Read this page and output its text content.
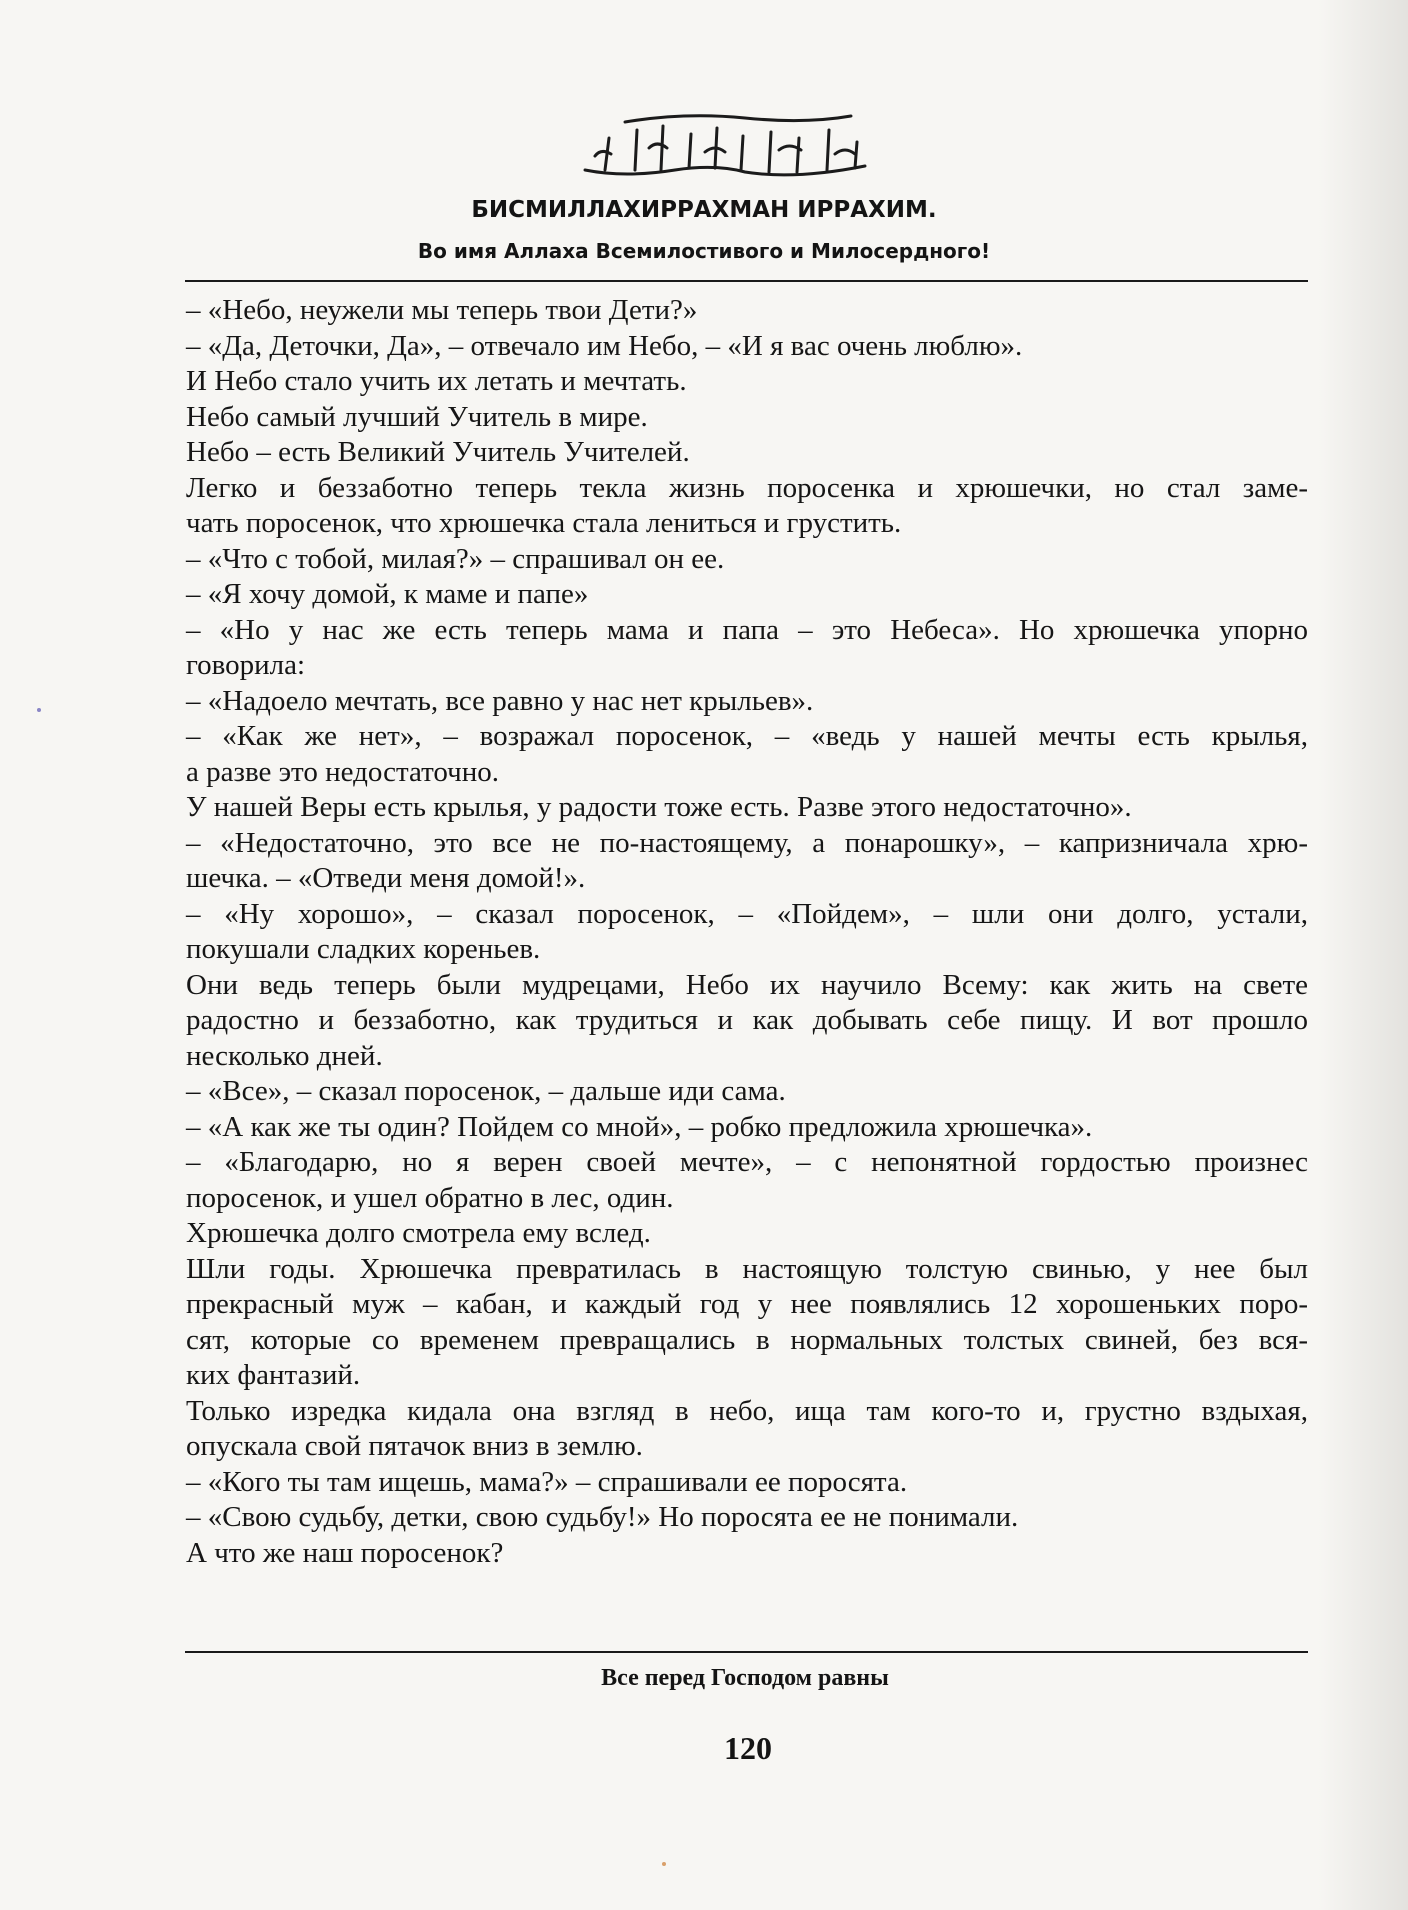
بِسْمِ اللَّهِ الرَّحْمَٰنِ الرَّحِيمِ
БИСМИЛЛАХИРРАХМАН ИРРАХИМ.
Во имя Аллаха Всемилостивого и Милосердного!
– «Небо, неужели мы теперь твои Дети?»
– «Да, Деточки, Да», – отвечало им Небо, – «И я вас очень люблю».
И Небо стало учить их летать и мечтать.
Небо самый лучший Учитель в мире.
Небо – есть Великий Учитель Учителей.
Легко и беззаботно теперь текла жизнь поросенка и хрюшечки, но стал заме-
чать поросенок, что хрюшечка стала лениться и грустить.
– «Что с тобой, милая?» – спрашивал он ее.
– «Я хочу домой, к маме и папе»
– «Но у нас же есть теперь мама и папа – это Небеса». Но хрюшечка упорно
говорила:
– «Надоело мечтать, все равно у нас нет крыльев».
– «Как же нет», – возражал поросенок, – «ведь у нашей мечты есть крылья,
а разве это недостаточно.
У нашей Веры есть крылья, у радости тоже есть. Разве этого недостаточно».
– «Недостаточно, это все не по-настоящему, а понарошку», – капризничала хрю-
шечка. – «Отведи меня домой!».
– «Ну хорошо», – сказал поросенок, – «Пойдем», – шли они долго, устали,
покушали сладких кореньев.
Они ведь теперь были мудрецами, Небо их научило Всему: как жить на свете
радостно и беззаботно, как трудиться и как добывать себе пищу. И вот прошло
несколько дней.
– «Все», – сказал поросенок, – дальше иди сама.
– «А как же ты один? Пойдем со мной», – робко предложила хрюшечка».
– «Благодарю, но я верен своей мечте», – с непонятной гордостью произнес
поросенок, и ушел обратно в лес, один.
Хрюшечка долго смотрела ему вслед.
Шли годы. Хрюшечка превратилась в настоящую толстую свинью, у нее был
прекрасный муж – кабан, и каждый год у нее появлялись 12 хорошеньких поро-
сят, которые со временем превращались в нормальных толстых свиней, без вся-
ких фантазий.
Только изредка кидала она взгляд в небо, ища там кого-то и, грустно вздыхая,
опускала свой пятачок вниз в землю.
– «Кого ты там ищешь, мама?» – спрашивали ее поросята.
– «Свою судьбу, детки, свою судьбу!» Но поросята ее не понимали.
А что же наш поросенок?
Все перед Господом равны
120
